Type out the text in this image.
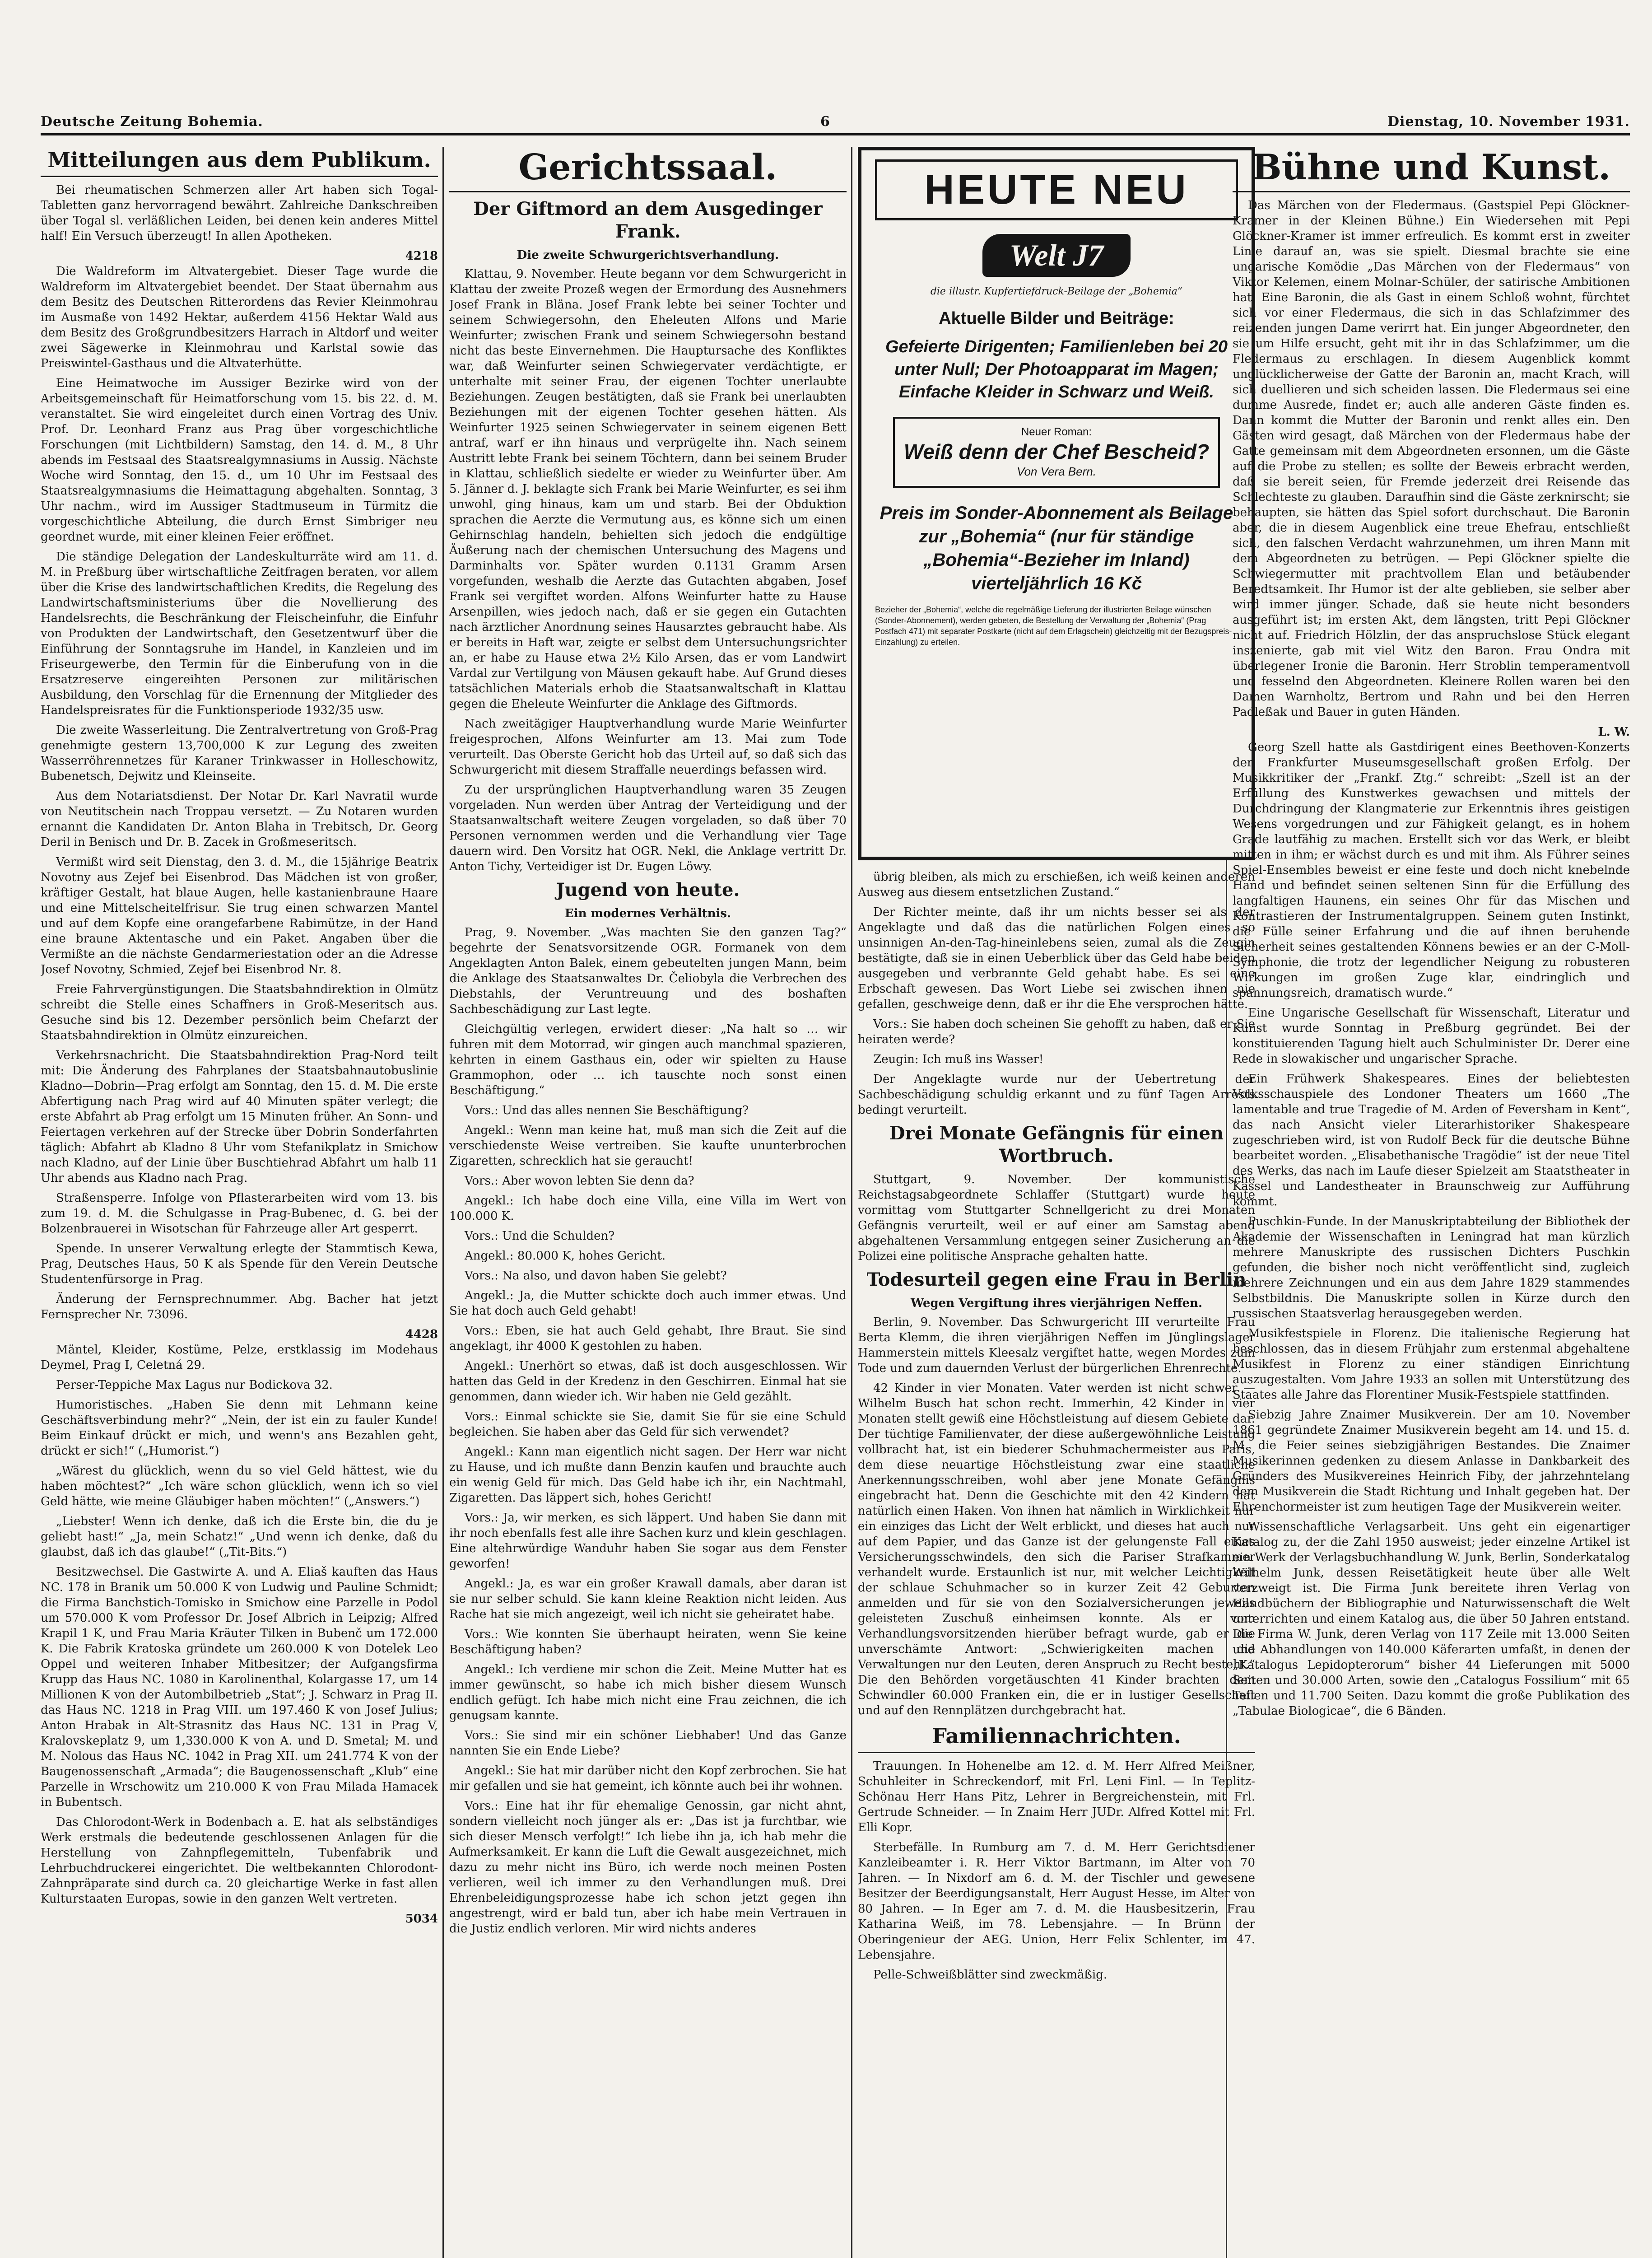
Deutsche Zeitung Bohemia.	6	Dienstag, 10. November 1931.
Mitteilungen aus dem Publikum.

Bei rheumatischen Schmerzen aller Art haben sich Togal-Tabletten ganz hervorragend bewährt. Zahlreiche Dankschreiben über Togal sl. verläßlichen Leiden, bei denen kein anderes Mittel half! Ein Versuch überzeugt! In allen Apotheken.

4218

Die Waldreform im Altvatergebiet. Dieser Tage wurde die Waldreform im Altvatergebiet beendet. Der Staat übernahm aus dem Besitz des Deutschen Ritterordens das Revier Kleinmohrau im Ausmaße von 1492 Hektar, außerdem 4156 Hektar Wald aus dem Besitz des Großgrundbesitzers Harrach in Altdorf und weiter zwei Sägewerke in Kleinmohrau und Karlstal sowie das Preiswintel-Gasthaus und die Altvaterhütte.

Eine Heimatwoche im Aussiger Bezirke wird von der Arbeitsgemeinschaft für Heimatforschung vom 15. bis 22. d. M. veranstaltet. Sie wird eingeleitet durch einen Vortrag des Univ. Prof. Dr. Leonhard Franz aus Prag über vorgeschichtliche Forschungen (mit Lichtbildern) Samstag, den 14. d. M., 8 Uhr abends im Festsaal des Staatsrealgymnasiums in Aussig. Nächste Woche wird Sonntag, den 15. d., um 10 Uhr im Festsaal des Staatsrealgymnasiums die Heimattagung abgehalten. Sonntag, 3 Uhr nachm., wird im Aussiger Stadtmuseum in Türmitz die vorgeschichtliche Abteilung, die durch Ernst Simbriger neu geordnet wurde, mit einer kleinen Feier eröffnet.

Die ständige Delegation der Landeskulturräte wird am 11. d. M. in Preßburg über wirtschaftliche Zeitfragen beraten, vor allem über die Krise des landwirtschaftlichen Kredits, die Regelung des Landwirtschaftsministeriums über die Novellierung des Handelsrechts, die Beschränkung der Fleischeinfuhr, die Einfuhr von Produkten der Landwirtschaft, den Gesetzentwurf über die Einführung der Sonntagsruhe im Handel, in Kanzleien und im Friseurgewerbe, den Termin für die Einberufung von in die Ersatzreserve eingereihten Personen zur militärischen Ausbildung, den Vorschlag für die Ernennung der Mitglieder des Handelspreisrates für die Funktionsperiode 1932/35 usw.

Die zweite Wasserleitung. Die Zentralvertretung von Groß-Prag genehmigte gestern 13,700,000 K zur Legung des zweiten Wasserröhrennetzes für Karaner Trinkwasser in Holleschowitz, Bubenetsch, Dejwitz und Kleinseite.

Aus dem Notariatsdienst. Der Notar Dr. Karl Navratil wurde von Neutitschein nach Troppau versetzt. — Zu Notaren wurden ernannt die Kandidaten Dr. Anton Blaha in Trebitsch, Dr. Georg Deril in Benisch und Dr. B. Zacek in Großmeseritsch.

Vermißt wird seit Dienstag, den 3. d. M., die 15jährige Beatrix Novotny aus Zejef bei Eisenbrod. Das Mädchen ist von großer, kräftiger Gestalt, hat blaue Augen, helle kastanienbraune Haare und eine Mittelscheitelfrisur. Sie trug einen schwarzen Mantel und auf dem Kopfe eine orangefarbene Rabimütze, in der Hand eine braune Aktentasche und ein Paket. Angaben über die Vermißte an die nächste Gendarmeriestation oder an die Adresse Josef Novotny, Schmied, Zejef bei Eisenbrod Nr. 8.

Freie Fahrvergünstigungen. Die Staatsbahndirektion in Olmütz schreibt die Stelle eines Schaffners in Groß-Meseritsch aus. Gesuche sind bis 12. Dezember persönlich beim Chefarzt der Staatsbahndirektion in Olmütz einzureichen.

Verkehrsnachricht. Die Staatsbahndirektion Prag-Nord teilt mit: Die Änderung des Fahrplanes der Staatsbahnautobuslinie Kladno—Dobrin—Prag erfolgt am Sonntag, den 15. d. M. Die erste Abfertigung nach Prag wird auf 40 Minuten später verlegt; die erste Abfahrt ab Prag erfolgt um 15 Minuten früher. An Sonn- und Feiertagen verkehren auf der Strecke über Dobrin Sonderfahrten täglich: Abfahrt ab Kladno 8 Uhr vom Stefanikplatz in Smichow nach Kladno, auf der Linie über Buschtiehrad Abfahrt um halb 11 Uhr abends aus Kladno nach Prag.

Straßensperre. Infolge von Pflasterarbeiten wird vom 13. bis zum 19. d. M. die Schulgasse in Prag-Bubenec, d. G. bei der Bolzenbrauerei in Wisotschan für Fahrzeuge aller Art gesperrt.

Spende. In unserer Verwaltung erlegte der Stammtisch Kewa, Prag, Deutsches Haus, 50 K als Spende für den Verein Deutsche Studentenfürsorge in Prag.

Änderung der Fernsprechnummer. Abg. Bacher hat jetzt Fernsprecher Nr. 73096.

4428

Mäntel, Kleider, Kostüme, Pelze, erstklassig im Modehaus Deymel, Prag I, Celetná 29.

Perser-Teppiche Max Lagus nur Bodickova 32.

Humoristisches. „Haben Sie denn mit Lehmann keine Geschäftsverbindung mehr?“ „Nein, der ist ein zu fauler Kunde! Beim Einkauf drückt er mich, und wenn's ans Bezahlen geht, drückt er sich!“ („Humorist.“)

„Wärest du glücklich, wenn du so viel Geld hättest, wie du haben möchtest?“ „Ich wäre schon glücklich, wenn ich so viel Geld hätte, wie meine Gläubiger haben möchten!“ („Answers.“)

„Liebster! Wenn ich denke, daß ich die Erste bin, die du je geliebt hast!“ „Ja, mein Schatz!“ „Und wenn ich denke, daß du glaubst, daß ich das glaube!“ („Tit-Bits.“)

Besitzwechsel. Die Gastwirte A. und A. Eliaš kauften das Haus NC. 178 in Branik um 50.000 K von Ludwig und Pauline Schmidt; die Firma Banchstich-Tomisko in Smichow eine Parzelle in Podol um 570.000 K vom Professor Dr. Josef Albrich in Leipzig; Alfred Krapil 1 K, und Frau Maria Kräuter Tilken in Bubenč um 172.000 K. Die Fabrik Kratoska gründete um 260.000 K von Dotelek Leo Oppel und weiteren Inhaber Mitbesitzer; der Aufgangsfirma Krupp das Haus NC. 1080 in Karolinenthal, Kolargasse 17, um 14 Millionen K von der Autombilbetrieb „Stat“; J. Schwarz in Prag II. das Haus NC. 1218 in Prag VIII. um 197.460 K von Josef Julius; Anton Hrabak in Alt-Strasnitz das Haus NC. 131 in Prag V, Kralovskeplatz 9, um 1,330.000 K von A. und D. Smetal; M. und M. Nolous das Haus NC. 1042 in Prag XII. um 241.774 K von der Baugenossenschaft „Armada“; die Baugenossenschaft „Klub“ eine Parzelle in Wrschowitz um 210.000 K von Frau Milada Hamacek in Bubentsch.

Das Chlorodont-Werk in Bodenbach a. E. hat als selbständiges Werk erstmals die bedeutende geschlossenen Anlagen für die Herstellung von Zahnpflegemitteln, Tubenfabrik und Lehrbuchdruckerei eingerichtet. Die weltbekannten Chlorodont-Zahnpräparate sind durch ca. 20 gleichartige Werke in fast allen Kulturstaaten Europas, sowie in den ganzen Welt vertreten.

5034
Gerichtssaal.
Der Giftmord an dem Ausgedinger Frank.
Die zweite Schwurgerichtsverhandlung.

Klattau, 9. November. Heute begann vor dem Schwurgericht in Klattau der zweite Prozeß wegen der Ermordung des Ausnehmers Josef Frank in Bläna. Josef Frank lebte bei seiner Tochter und seinem Schwiegersohn, den Eheleuten Alfons und Marie Weinfurter; zwischen Frank und seinem Schwiegersohn bestand nicht das beste Einvernehmen. Die Hauptursache des Konfliktes war, daß Weinfurter seinen Schwiegervater verdächtigte, er unterhalte mit seiner Frau, der eigenen Tochter unerlaubte Beziehungen. Zeugen bestätigten, daß sie Frank bei unerlaubten Beziehungen mit der eigenen Tochter gesehen hätten. Als Weinfurter 1925 seinen Schwiegervater in seinem eigenen Bett antraf, warf er ihn hinaus und verprügelte ihn. Nach seinem Austritt lebte Frank bei seinem Töchtern, dann bei seinem Bruder in Klattau, schließlich siedelte er wieder zu Weinfurter über. Am 5. Jänner d. J. beklagte sich Frank bei Marie Weinfurter, es sei ihm unwohl, ging hinaus, kam um und starb. Bei der Obduktion sprachen die Aerzte die Vermutung aus, es könne sich um einen Gehirnschlag handeln, behielten sich jedoch die endgültige Äußerung nach der chemischen Untersuchung des Magens und Darminhalts vor. Später wurden 0.1131 Gramm Arsen vorgefunden, weshalb die Aerzte das Gutachten abgaben, Josef Frank sei vergiftet worden. Alfons Weinfurter hatte zu Hause Arsenpillen, wies jedoch nach, daß er sie gegen ein Gutachten nach ärztlicher Anordnung seines Hausarztes gebraucht habe. Als er bereits in Haft war, zeigte er selbst dem Untersuchungsrichter an, er habe zu Hause etwa 2½ Kilo Arsen, das er vom Landwirt Vardal zur Vertilgung von Mäusen gekauft habe. Auf Grund dieses tatsächlichen Materials erhob die Staatsanwaltschaft in Klattau gegen die Eheleute Weinfurter die Anklage des Giftmords.

Nach zweitägiger Hauptverhandlung wurde Marie Weinfurter freigesprochen, Alfons Weinfurter am 13. Mai zum Tode verurteilt. Das Oberste Gericht hob das Urteil auf, so daß sich das Schwurgericht mit diesem Straffalle neuerdings befassen wird.

Zu der ursprünglichen Hauptverhandlung waren 35 Zeugen vorgeladen. Nun werden über Antrag der Verteidigung und der Staatsanwaltschaft weitere Zeugen vorgeladen, so daß über 70 Personen vernommen werden und die Verhandlung vier Tage dauern wird. Den Vorsitz hat OGR. Nekl, die Anklage vertritt Dr. Anton Tichy, Verteidiger ist Dr. Eugen Löwy.

Jugend von heute.
Ein modernes Verhältnis.

Prag, 9. November. „Was machten Sie den ganzen Tag?“ begehrte der Senatsvorsitzende OGR. Formanek von dem Angeklagten Anton Balek, einem gebeutelten jungen Mann, beim die Anklage des Staatsanwaltes Dr. Čeliobyla die Verbrechen des Diebstahls, der Veruntreuung und des boshaften Sachbeschädigung zur Last legte.

Gleichgültig verlegen, erwidert dieser: „Na halt so … wir fuhren mit dem Motorrad, wir gingen auch manchmal spazieren, kehrten in einem Gasthaus ein, oder wir spielten zu Hause Grammophon, oder … ich tauschte noch sonst einen Beschäftigung.“

Vors.: Und das alles nennen Sie Beschäftigung?

Angekl.: Wenn man keine hat, muß man sich die Zeit auf die verschiedenste Weise vertreiben. Sie kaufte ununterbrochen Zigaretten, schrecklich hat sie geraucht!

Vors.: Aber wovon lebten Sie denn da?

Angekl.: Ich habe doch eine Villa, eine Villa im Wert von 100.000 K.

Vors.: Und die Schulden?

Angekl.: 80.000 K, hohes Gericht.

Vors.: Na also, und davon haben Sie gelebt?

Angekl.: Ja, die Mutter schickte doch auch immer etwas. Und Sie hat doch auch Geld gehabt!

Vors.: Eben, sie hat auch Geld gehabt, Ihre Braut. Sie sind angeklagt, ihr 4000 K gestohlen zu haben.

Angekl.: Unerhört so etwas, daß ist doch ausgeschlossen. Wir hatten das Geld in der Kredenz in den Geschirren. Einmal hat sie genommen, dann wieder ich. Wir haben nie Geld gezählt.

Vors.: Einmal schickte sie Sie, damit Sie für sie eine Schuld begleichen. Sie haben aber das Geld für sich verwendet?

Angekl.: Kann man eigentlich nicht sagen. Der Herr war nicht zu Hause, und ich mußte dann Benzin kaufen und brauchte auch ein wenig Geld für mich. Das Geld habe ich ihr, ein Nachtmahl, Zigaretten. Das läppert sich, hohes Gericht!

Vors.: Ja, wir merken, es sich läppert. Und haben Sie dann mit ihr noch ebenfalls fest alle ihre Sachen kurz und klein geschlagen. Eine altehrwürdige Wanduhr haben Sie sogar aus dem Fenster geworfen!

Angekl.: Ja, es war ein großer Krawall damals, aber daran ist sie nur selber schuld. Sie kann kleine Reaktion nicht leiden. Aus Rache hat sie mich angezeigt, weil ich nicht sie geheiratet habe.

Vors.: Wie konnten Sie überhaupt heiraten, wenn Sie keine Beschäftigung haben?

Angekl.: Ich verdiene mir schon die Zeit. Meine Mutter hat es immer gewünscht, so habe ich mich bisher diesem Wunsch endlich gefügt. Ich habe mich nicht eine Frau zeichnen, die ich genugsam kannte.

Vors.: Sie sind mir ein schöner Liebhaber! Und das Ganze nannten Sie ein Ende Liebe?

Angekl.: Sie hat mir darüber nicht den Kopf zerbrochen. Sie hat mir gefallen und sie hat gemeint, ich könnte auch bei ihr wohnen.

Vors.: Eine hat ihr für ehemalige Genossin, gar nicht ahnt, sondern vielleicht noch jünger als er: „Das ist ja furchtbar, wie sich dieser Mensch verfolgt!“ Ich liebe ihn ja, ich hab mehr die Aufmerksamkeit. Er kann die Luft die Gewalt ausgezeichnet, mich dazu zu mehr nicht ins Büro, ich werde noch meinen Posten verlieren, weil ich immer zu den Verhandlungen muß. Drei Ehrenbeleidigungsprozesse habe ich schon jetzt gegen ihn angestrengt, wird er bald tun, aber ich habe mein Vertrauen in die Justiz endlich verloren. Mir wird nichts anderes

HEUTE NEU
Welt J7
die illustr. Kupfertiefdruck-Beilage der „Bohemia“
Aktuelle Bilder und Beiträge:
Gefeierte Dirigenten; Familienleben bei 20 unter Null; Der Photoapparat im Magen; Einfache Kleider in Schwarz und Weiß.
Neuer Roman:
Weiß denn der Chef Bescheid?
Von Vera Bern.
Preis im Sonder-Abonnement als Beilage zur „Bohemia“ (nur für ständige „Bohemia“-Bezieher im Inland) vierteljährlich 16 Kč
Bezieher der „Bohemia“, welche die regelmäßige Lieferung der illustrierten Beilage wünschen (Sonder-Abonnement), werden gebeten, die Bestellung der Verwaltung der „Bohemia“ (Prag Postfach 471) mit separater Postkarte (nicht auf dem Erlagschein) gleichzeitig mit der Bezugspreis-Einzahlung) zu erteilen.

übrig bleiben, als mich zu erschießen, ich weiß keinen anderen Ausweg aus diesem entsetzlichen Zustand.“

Der Richter meinte, daß ihr um nichts besser sei als der Angeklagte und daß das die natürlichen Folgen eines so unsinnigen An-den-Tag-hineinlebens seien, zumal als die Zeugin bestätigte, daß sie in einen Ueberblick über das Geld habe beiden ausgegeben und verbrannte Geld gehabt habe. Es sei eine Erbschaft gewesen. Das Wort Liebe sei zwischen ihnen nie gefallen, geschweige denn, daß er ihr die Ehe versprochen hätte.

Vors.: Sie haben doch scheinen Sie gehofft zu haben, daß er Sie heiraten werde?

Zeugin: Ich muß ins Wasser!

Der Angeklagte wurde nur der Uebertretung der Sachbeschädigung schuldig erkannt und zu fünf Tagen Arrests bedingt verurteilt.

Drei Monate Gefängnis für einen Wortbruch.

Stuttgart, 9. November. Der kommunistische Reichstagsabgeordnete Schlaffer (Stuttgart) wurde heute vormittag vom Stuttgarter Schnellgericht zu drei Monaten Gefängnis verurteilt, weil er auf einer am Samstag abend abgehaltenen Versammlung entgegen seiner Zusicherung an die Polizei eine politische Ansprache gehalten hatte.

Todesurteil gegen eine Frau in Berlin
Wegen Vergiftung ihres vierjährigen Neffen.

Berlin, 9. November. Das Schwurgericht III verurteilte Frau Berta Klemm, die ihren vierjährigen Neffen im Jünglingslager Hammerstein mittels Kleesalz vergiftet hatte, wegen Mordes zum Tode und zum dauernden Verlust der bürgerlichen Ehrenrechte.

42 Kinder in vier Monaten. Vater werden ist nicht schwer — Wilhelm Busch hat schon recht. Immerhin, 42 Kinder in vier Monaten stellt gewiß eine Höchstleistung auf diesem Gebiete dar. Der tüchtige Familienvater, der diese außergewöhnliche Leistung vollbracht hat, ist ein biederer Schuhmachermeister aus Paris, dem diese neuartige Höchstleistung zwar eine staatliche Anerkennungsschreiben, wohl aber jene Monate Gefängnis eingebracht hat. Denn die Geschichte mit den 42 Kindern hat natürlich einen Haken. Von ihnen hat nämlich in Wirklichkeit nur ein einziges das Licht der Welt erblickt, und dieses hat auch nur auf dem Papier, und das Ganze ist der gelungenste Fall eines Versicherungsschwindels, den sich die Pariser Strafkammer verhandelt wurde. Erstaunlich ist nur, mit welcher Leichtigkeit der schlaue Schuhmacher so in kurzer Zeit 42 Geburten anmelden und für sie von den Sozialversicherungen jeweils geleisteten Zuschuß einheimsen konnte. Als er vom Verhandlungsvorsitzenden hierüber befragt wurde, gab er die unverschämte Antwort: „Schwierigkeiten machen die Verwaltungen nur den Leuten, deren Anspruch zu Recht besteht.“ Die den Behörden vorgetäuschten 41 Kinder brachten dem Schwindler 60.000 Franken ein, die er in lustiger Gesellschaft und auf den Rennplätzen durchgebracht hat.

Familiennachrichten.

Trauungen. In Hohenelbe am 12. d. M. Herr Alfred Meißner, Schuhleiter in Schreckendorf, mit Frl. Leni Finl. — In Teplitz-Schönau Herr Hans Pitz, Lehrer in Bergreichenstein, mit Frl. Gertrude Schneider. — In Znaim Herr JUDr. Alfred Kottel mit Frl. Elli Kopr.

Sterbefälle. In Rumburg am 7. d. M. Herr Gerichtsdiener Kanzleibeamter i. R. Herr Viktor Bartmann, im Alter von 70 Jahren. — In Nixdorf am 6. d. M. der Tischler und gewesene Besitzer der Beerdigungsanstalt, Herr August Hesse, im Alter von 80 Jahren. — In Eger am 7. d. M. die Hausbesitzerin, Frau Katharina Weiß, im 78. Lebensjahre. — In Brünn der Oberingenieur der AEG. Union, Herr Felix Schlenter, im 47. Lebensjahre.

Pelle-Schweißblätter sind zweckmäßig.

Bühne und Kunst.

Das Märchen von der Fledermaus. (Gastspiel Pepi Glöckner-Kramer in der Kleinen Bühne.) Ein Wiedersehen mit Pepi Glöckner-Kramer ist immer erfreulich. Es kommt erst in zweiter Linie darauf an, was sie spielt. Diesmal brachte sie eine ungarische Komödie „Das Märchen von der Fledermaus“ von Viktor Kelemen, einem Molnar-Schüler, der satirische Ambitionen hat. Eine Baronin, die als Gast in einem Schloß wohnt, fürchtet sich vor einer Fledermaus, die sich in das Schlafzimmer des reizenden jungen Dame verirrt hat. Ein junger Abgeordneter, den sie um Hilfe ersucht, geht mit ihr in das Schlafzimmer, um die Fledermaus zu erschlagen. In diesem Augenblick kommt unglücklicherweise der Gatte der Baronin an, macht Krach, will sich duellieren und sich scheiden lassen. Die Fledermaus sei eine dumme Ausrede, findet er; auch alle anderen Gäste finden es. Dann kommt die Mutter der Baronin und renkt alles ein. Den Gästen wird gesagt, daß Märchen von der Fledermaus habe der Gatte gemeinsam mit dem Abgeordneten ersonnen, um die Gäste auf die Probe zu stellen; es sollte der Beweis erbracht werden, daß sie bereit seien, für Fremde jederzeit drei Reisende das Schlechteste zu glauben. Daraufhin sind die Gäste zerknirscht; sie behaupten, sie hätten das Spiel sofort durchschaut. Die Baronin aber, die in diesem Augenblick eine treue Ehefrau, entschließt sich, den falschen Verdacht wahrzunehmen, um ihren Mann mit dem Abgeordneten zu betrügen. — Pepi Glöckner spielte die Schwiegermutter mit prachtvollem Elan und betäubender Beredtsamkeit. Ihr Humor ist der alte geblieben, sie selber aber wird immer jünger. Schade, daß sie heute nicht besonders ausgeführt ist; im ersten Akt, dem längsten, tritt Pepi Glöckner nicht auf. Friedrich Hölzlin, der das anspruchslose Stück elegant inszenierte, gab mit viel Witz den Baron. Frau Ondra mit überlegener Ironie die Baronin. Herr Stroblin temperamentvoll und fesselnd den Abgeordneten. Kleinere Rollen waren bei den Damen Warnholtz, Bertrom und Rahn und bei den Herren Padleßak und Bauer in guten Händen.

L. W.

Georg Szell hatte als Gastdirigent eines Beethoven-Konzerts der Frankfurter Museumsgesellschaft großen Erfolg. Der Musikkritiker der „Frankf. Ztg.“ schreibt: „Szell ist an der Erfüllung des Kunstwerkes gewachsen und mittels der Durchdringung der Klangmaterie zur Erkenntnis ihres geistigen Wesens vorgedrungen und zur Fähigkeit gelangt, es in hohem Grade lautfähig zu machen. Erstellt sich vor das Werk, er bleibt mitten in ihm; er wächst durch es und mit ihm. Als Führer seines Spiel-Ensembles beweist er eine feste und doch nicht knebelnde Hand und befindet seinen seltenen Sinn für die Erfüllung des langfaltigen Haunens, ein seines Ohr für das Mischen und Kontrastieren der Instrumentalgruppen. Seinem guten Instinkt, die Fülle seiner Erfahrung und die auf ihnen beruhende Sicherheit seines gestaltenden Könnens bewies er an der C-Moll-Symphonie, die trotz der legendlicher Neigung zu robusteren Wirkungen im großen Zuge klar, eindringlich und spannungsreich, dramatisch wurde.“

Eine Ungarische Gesellschaft für Wissenschaft, Literatur und Kunst wurde Sonntag in Preßburg gegründet. Bei der konstituierenden Tagung hielt auch Schulminister Dr. Derer eine Rede in slowakischer und ungarischer Sprache.

Ein Frühwerk Shakespeares. Eines der beliebtesten Volksschauspiele des Londoner Theaters um 1660 „The lamentable and true Tragedie of M. Arden of Feversham in Kent“, das nach Ansicht vieler Literarhistoriker Shakespeare zugeschrieben wird, ist von Rudolf Beck für die deutsche Bühne bearbeitet worden. „Elisabethanische Tragödie“ ist der neue Titel des Werks, das nach im Laufe dieser Spielzeit am Staatstheater in Kassel und Landestheater in Braunschweig zur Aufführung kommt.

Puschkin-Funde. In der Manuskriptabteilung der Bibliothek der Akademie der Wissenschaften in Leningrad hat man kürzlich mehrere Manuskripte des russischen Dichters Puschkin gefunden, die bisher noch nicht veröffentlicht sind, zugleich mehrere Zeichnungen und ein aus dem Jahre 1829 stammendes Selbstbildnis. Die Manuskripte sollen in Kürze durch den russischen Staatsverlag herausgegeben werden.

Musikfestspiele in Florenz. Die italienische Regierung hat beschlossen, das in diesem Frühjahr zum erstenmal abgehaltene Musikfest in Florenz zu einer ständigen Einrichtung auszugestalten. Vom Jahre 1933 an sollen mit Unterstützung des Staates alle Jahre das Florentiner Musik-Festspiele stattfinden.

Siebzig Jahre Znaimer Musikverein. Der am 10. November 1861 gegründete Znaimer Musikverein begeht am 14. und 15. d. M. die Feier seines siebzigjährigen Bestandes. Die Znaimer Musikerinnen gedenken zu diesem Anlasse in Dankbarkeit des Gründers des Musikvereines Heinrich Fiby, der jahrzehntelang dem Musikverein die Stadt Richtung und Inhalt gegeben hat. Der Ehrenchormeister ist zum heutigen Tage der Musikverein weiter.

Wissenschaftliche Verlagsarbeit. Uns geht ein eigenartiger Katalog zu, der die Zahl 1950 ausweist; jeder einzelne Artikel ist ein Werk der Verlagsbuchhandlung W. Junk, Berlin, Sonderkatalog Wilhelm Junk, dessen Reisetätigkeit heute über alle Welt verzweigt ist. Die Firma Junk bereitete ihren Verlag von Handbüchern der Bibliographie und Naturwissenschaft die Welt unterrichten und einem Katalog aus, die über 50 Jahren entstand. Die Firma W. Junk, deren Verlag von 117 Zeile mit 13.000 Seiten und Abhandlungen von 140.000 Käferarten umfaßt, in denen der „Katalogus Lepidopterorum“ bisher 44 Lieferungen mit 5000 Seiten und 30.000 Arten, sowie den „Catalogus Fossilium“ mit 65 Teilen und 11.700 Seiten. Dazu kommt die große Publikation des „Tabulae Biologicae“, die 6 Bänden.
